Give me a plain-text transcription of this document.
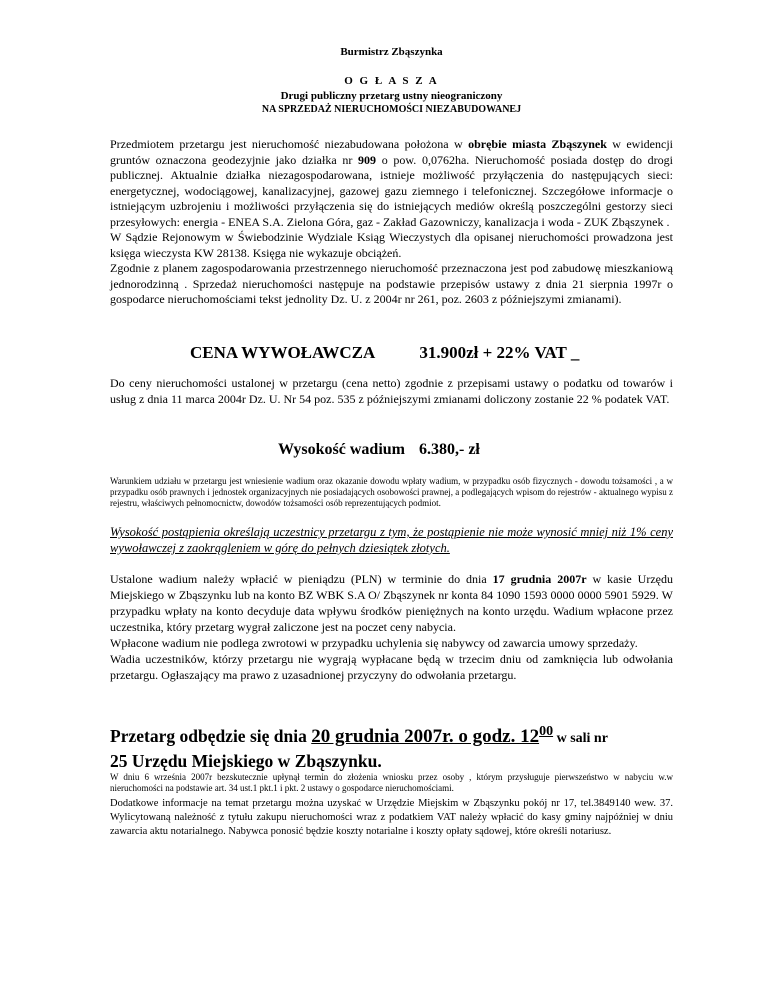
Burmistrz Zbąszynka
O G Ł A S Z A
Drugi publiczny przetarg ustny nieograniczony
NA SPRZEDAŻ NIERUCHOMOŚCI NIEZABUDOWANEJ
Przedmiotem przetargu jest nieruchomość niezabudowana położona w obrębie miasta Zbąszynek w ewidencji gruntów oznaczona geodezyjnie jako działka nr 909 o pow. 0,0762ha. Nieruchomość posiada dostęp do drogi publicznej. Aktualnie działka niezagospodarowana, istnieje możliwość przyłączenia do następujących sieci: energetycznej, wodociągowej, kanalizacyjnej, gazowej gazu ziemnego i telefonicznej. Szczegółowe informacje o istniejącym uzbrojeniu i możliwości przyłączenia się do istniejących mediów określą poszczególni gestorzy sieci przesyłowych: energia - ENEA S.A. Zielona Góra, gaz - Zakład Gazowniczy, kanalizacja i woda - ZUK Zbąszynek .
W Sądzie Rejonowym w Świebodzinie Wydziale Ksiąg Wieczystych dla opisanej nieruchomości prowadzona jest księga wieczysta KW 28138. Księga nie wykazuje obciążeń.
Zgodnie z planem zagospodarowania przestrzennego nieruchomość przeznaczona jest pod zabudowę mieszkaniową jednorodzinną . Sprzedaż nieruchomości następuje na podstawie przepisów ustawy z dnia 21 sierpnia 1997r o gospodarce nieruchomościami tekst jednolity Dz. U. z 2004r nr 261, poz. 2603 z późniejszymi zmianami).
CENA WYWOŁAWCZA	31.900zł + 22% VAT _
Do ceny nieruchomości ustalonej w przetargu (cena netto) zgodnie z przepisami ustawy o podatku od towarów i usług z dnia 11 marca 2004r Dz. U. Nr 54 poz. 535 z późniejszymi zmianami doliczony zostanie 22 % podatek VAT.
Wysokość wadium 6.380,- zł
Warunkiem udziału w przetargu jest wniesienie wadium oraz okazanie dowodu wpłaty wadium, w przypadku osób fizycznych - dowodu tożsamości , a w przypadku osób prawnych i jednostek organizacyjnych nie posiadających osobowości prawnej, a podlegających wpisom do rejestrów - aktualnego wypisu z rejestru, właściwych pełnomocnictw, dowodów tożsamości osób reprezentujących podmiot.
Wysokość postąpienia określają uczestnicy przetargu z tym, że postąpienie nie może wynosić mniej niż 1% ceny wywoławczej z zaokrągleniem w górę do pełnych dziesiątek złotych.
Ustalone wadium należy wpłacić w pieniądzu (PLN) w terminie do dnia 17 grudnia 2007r w kasie Urzędu Miejskiego w Zbąszynku lub na konto BZ WBK S.A O/ Zbąszynek nr konta 84 1090 1593 0000 0000 5901 5929. W przypadku wpłaty na konto decyduje data wpływu środków pieniężnych na konto urzędu. Wadium wpłacone przez uczestnika, który przetarg wygrał zaliczone jest na poczet ceny nabycia.
Wpłacone wadium nie podlega zwrotowi w przypadku uchylenia się nabywcy od zawarcia umowy sprzedaży.
Wadia uczestników, którzy przetargu nie wygrają wypłacane będą w trzecim dniu od zamknięcia lub odwołania przetargu. Ogłaszający ma prawo z uzasadnionej przyczyny do odwołania przetargu.
Przetarg odbędzie się dnia 20 grudnia 2007r. o godz. $12^{00}$ w sali nr
25 Urzędu Miejskiego w Zbąszynku.
W dniu 6 września 2007r bezskutecznie upłynął termin do złożenia wniosku przez osoby , którym przysługuje pierwszeństwo w nabyciu w.w nieruchomości na podstawie art. 34 ust.1 pkt.1 i pkt. 2 ustawy o gospodarce nieruchomościami.
Dodatkowe informacje na temat przetargu można uzyskać w Urzędzie Miejskim w Zbąszynku pokój nr 17, tel.3849140 wew. 37. Wylicytowaną należność z tytułu zakupu nieruchomości wraz z podatkiem VAT należy wpłacić do kasy gminy najpóźniej w dniu zawarcia aktu notarialnego. Nabywca ponosić będzie koszty notarialne i koszty opłaty sądowej, które określi notariusz.
